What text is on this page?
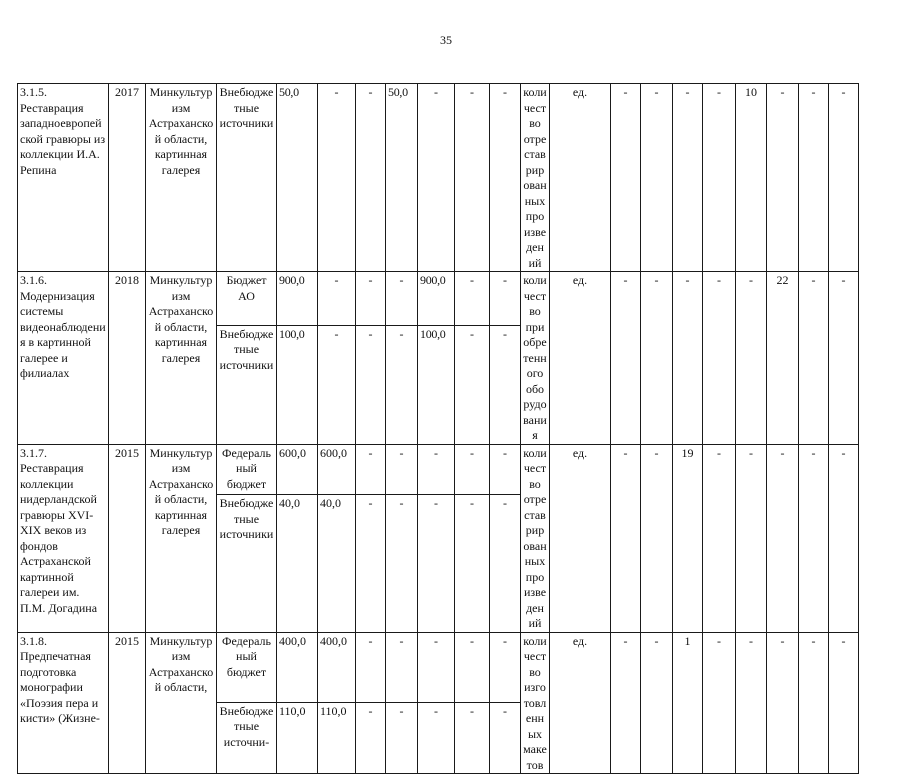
35
3.1.5. Реставрация западноевропейской гравюры из коллекции И.А. Репина	2017	Минкультуризм Астраханской области, картинная галерея	Внебюджетные источники	50,0	-	-	50,0	-	-	-	количество отреставрированных произведений	ед.	-	-	-	-	10	-	-	-
3.1.6. Модернизация системы видеонаблюдения в картинной галерее и филиалах	2018	Минкультуризм Астраханской области, картинная галерея	Бюджет АО	900,0	-	-	-	900,0	-	-	количество приобретенного оборудования	ед.	-	-	-	-	-	22	-	-
			Внебюджетные источники	100,0	-	-	-	100,0	-	-										
3.1.7. Реставрация коллекции нидерландской гравюры XVI-XIX веков из фондов Астраханской картинной галереи им. П.М. Догадина	2015	Минкультуризм Астраханской области, картинная галерея	Федеральный бюджет	600,0	600,0	-	-	-	-	-	количество отреставрированных произведений	ед.	-	-	19	-	-	-	-	-
			Внебюджетные источники	40,0	40,0	-	-	-	-	-										
3.1.8. Предпечатная подготовка монографии «Поэзия пера и кисти» (Жизне-	2015	Минкультуризм Астраханской области,	Федеральный бюджет	400,0	400,0	-	-	-	-	-	количество изготовленных макетов	ед.	-	-	1	-	-	-	-	-
			Внебюджетные источни-	110,0	110,0	-	-	-	-	-										
